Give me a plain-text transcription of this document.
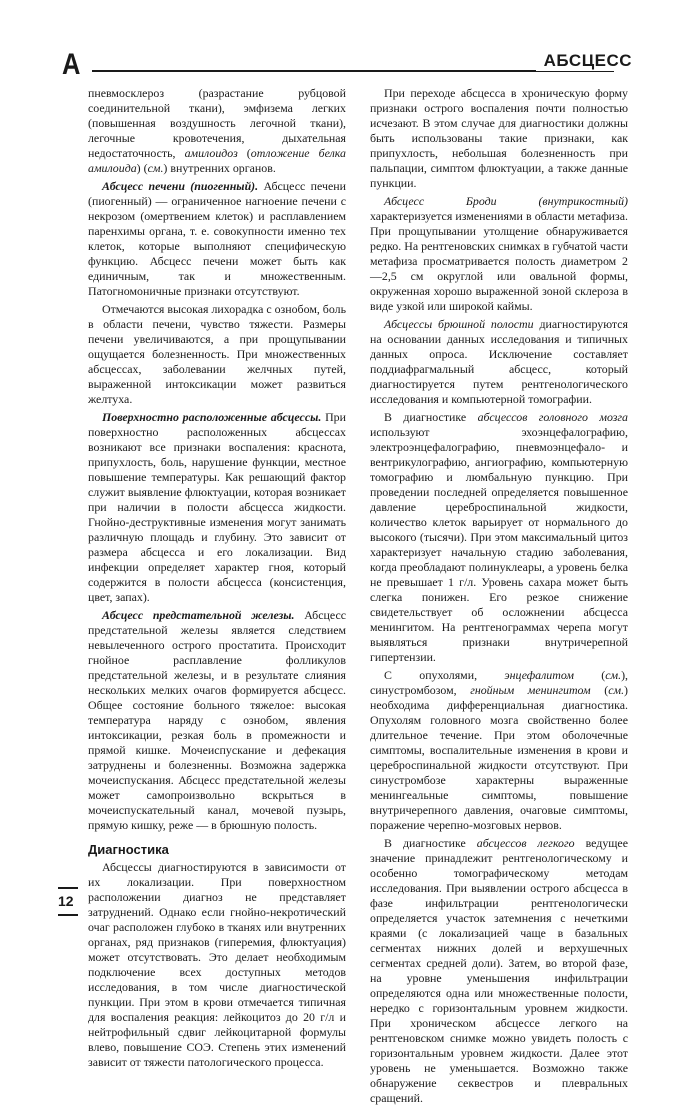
А	АБСЦЕСС

пневмосклероз (разрастание рубцовой соединительной ткани), эмфизема легких (повышенная воздушность легочной ткани), легочные кровотечения, дыхательная недостаточность, амилоидоз (отложение белка амилоида) (см.) внутренних органов.

Абсцесс печени (пиогенный). Абсцесс печени (пиогенный) — ограниченное нагноение печени с некрозом (омертвением клеток) и расплавлением паренхимы органа, т. е. совокупности именно тех клеток, которые выполняют специфическую функцию. Абсцесс печени может быть как единичным, так и множественным. Патогномоничные признаки отсутствуют.

Отмечаются высокая лихорадка с ознобом, боль в области печени, чувство тяжести. Размеры печени увеличиваются, а при прощупывании ощущается болезненность. При множественных абсцессах, заболевании желчных путей, выраженной интоксикации может развиться желтуха.

Поверхностно расположенные абсцессы. При поверхностно расположенных абсцессах возникают все признаки воспаления: краснота, припухлость, боль, нарушение функции, местное повышение температуры. Как решающий фактор служит выявление флюктуации, которая возникает при наличии в полости абсцесса жидкости. Гнойно-деструктивные изменения могут занимать различную площадь и глубину. Это зависит от размера абсцесса и его локализации. Вид инфекции определяет характер гноя, который содержится в полости абсцесса (консистенция, цвет, запах).

Абсцесс предстательной железы. Абсцесс предстательной железы является следствием невылеченного острого простатита. Происходит гнойное расплавление фолликулов предстательной железы, и в результате слияния нескольких мелких очагов формируется абсцесс. Общее состояние больного тяжелое: высокая температура наряду с ознобом, явления интоксикации, резкая боль в промежности и прямой кишке. Мочеиспускание и дефекация затруднены и болезненны. Возможна задержка мочеиспускания. Абсцесс предстательной железы может самопроизвольно вскрыться в мочеиспускательный канал, мочевой пузырь, прямую кишку, реже — в брюшную полость.

Диагностика

Абсцессы диагностируются в зависимости от их локализации. При поверхностном расположении диагноз не представляет затруднений. Однако если гнойно-некротический очаг расположен глубоко в тканях или внутренних органах, ряд признаков (гиперемия, флюктуация) может отсутствовать. Это делает необходимым подключение всех доступных методов исследования, в том числе диагностической пункции. При этом в крови отмечается типичная для воспаления реакция: лейкоцитоз до 20 г/л и нейтрофильный сдвиг лейкоцитарной формулы влево, повышение СОЭ. Степень этих изменений зависит от тяжести патологического процесса.

При переходе абсцесса в хроническую форму признаки острого воспаления почти полностью исчезают. В этом случае для диагностики должны быть использованы такие признаки, как припухлость, небольшая болезненность при пальпации, симптом флюктуации, а также данные пункции.

Абсцесс Броди (внутрикостный) характеризуется изменениями в области метафиза. При прощупывании утолщение обнаруживается редко. На рентгеновских снимках в губчатой части метафиза просматривается полость диаметром 2—2,5 см округлой или овальной формы, окруженная хорошо выраженной зоной склероза в виде узкой или широкой каймы.

Абсцессы брюшной полости диагностируются на основании данных исследования и типичных данных опроса. Исключение составляет поддиафрагмальный абсцесс, который диагностируется путем рентгенологического исследования и компьютерной томографии.

В диагностике абсцессов головного мозга используют эхоэнцефалографию, электроэнцефалографию, пневмоэнцефало- и вентрикулографию, ангиографию, компьютерную томографию и люмбальную пункцию. При проведении последней определяется повышенное давление цереброспинальной жидкости, количество клеток варьирует от нормального до высокого (тысячи). При этом максимальный цитоз характеризует начальную стадию заболевания, когда преобладают полинуклеары, а уровень белка не превышает 1 г/л. Уровень сахара может быть слегка понижен. Его резкое снижение свидетельствует об осложнении абсцесса менингитом. На рентгенограммах черепа могут выявляться признаки внутричерепной гипертензии.

С опухолями, энцефалитом (см.), синустромбозом, гнойным менингитом (см.) необходима дифференциальная диагностика. Опухолям головного мозга свойственно более длительное течение. При этом оболочечные симптомы, воспалительные изменения в крови и цереброспинальной жидкости отсутствуют. При синустромбозе характерны выраженные менингеальные симптомы, повышение внутричерепного давления, очаговые симптомы, поражение черепно-мозговых нервов.

В диагностике абсцессов легкого ведущее значение принадлежит рентгенологическому и особенно томографическому методам исследования. При выявлении острого абсцесса в фазе инфильтрации рентгенологически определяется участок затемнения с нечеткими краями (с локализацией чаще в базальных сегментах нижних долей и верхушечных сегментах средней доли). Затем, во второй фазе, на уровне уменьшения инфильтрации определяются одна или множественные полости, нередко с горизонтальным уровнем жидкости. При хроническом абсцессе легкого на рентгеновском снимке можно увидеть полость с горизонтальным уровнем жидкости. Далее этот уровень не уменьшается. Возможно также обнаружение секвестров и плевральных сращений.

12
